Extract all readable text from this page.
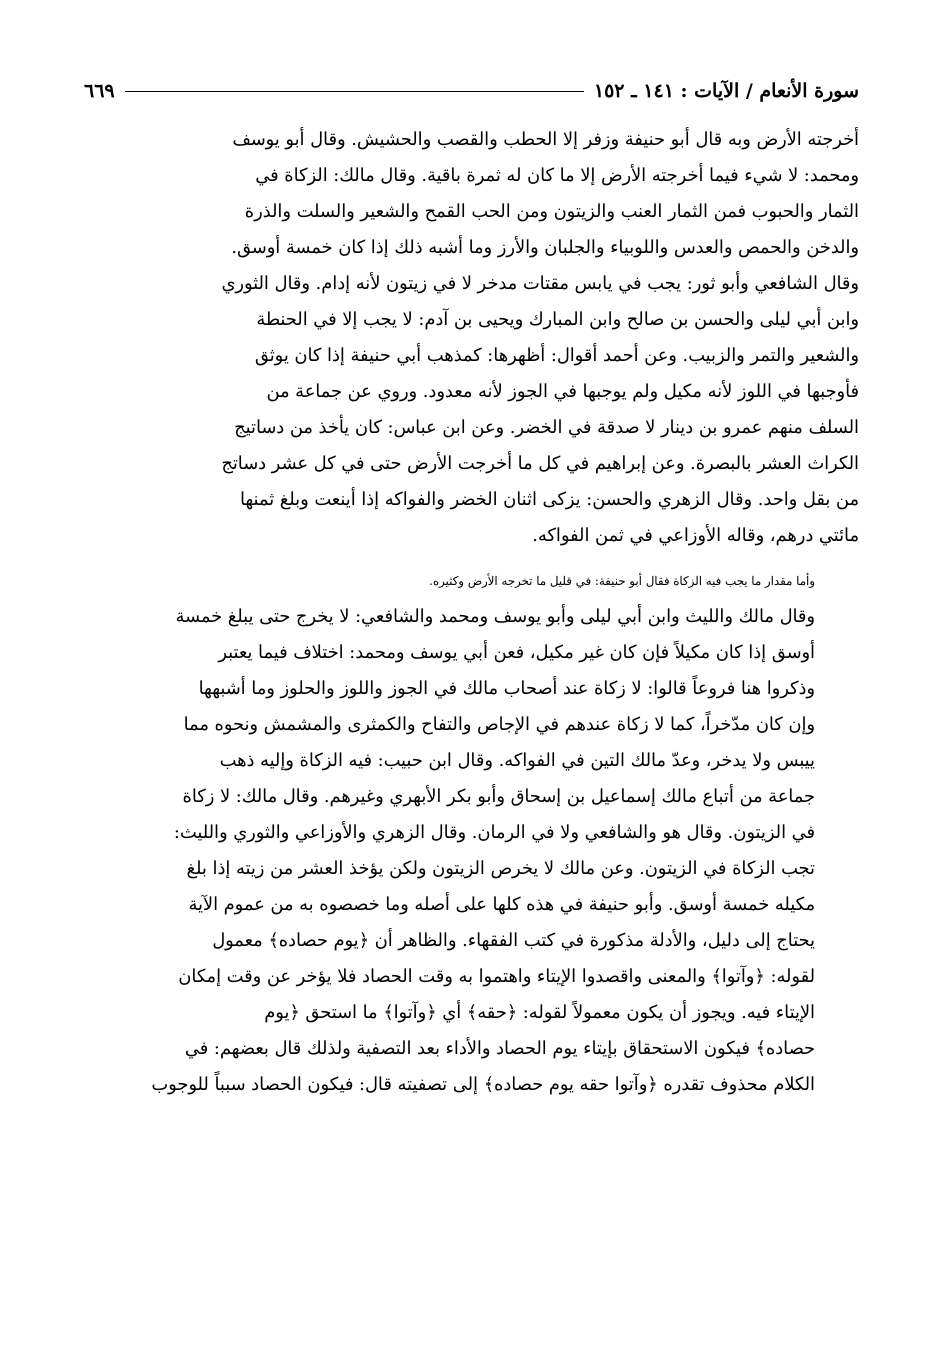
٦٦٩	سورة الأنعام / الآيات : ١٤١ ـ ١٥٢
أخرجته الأرض وبه قال أبو حنيفة وزفر إلا الحطب والقصب والحشيش. وقال أبو يوسف
ومحمد: لا شيء فيما أخرجته الأرض إلا ما كان له ثمرة باقية. وقال مالك: الزكاة في
الثمار والحبوب فمن الثمار العنب والزيتون ومن الحب القمح والشعير والسلت والذرة
والدخن والحمص والعدس واللوبياء والجلبان والأرز وما أشبه ذلك إذا كان خمسة أوسق.
وقال الشافعي وأبو ثور: يجب في يابس مقتات مدخر لا في زيتون لأنه إدام. وقال الثوري
وابن أبي ليلى والحسن بن صالح وابن المبارك ويحيى بن آدم: لا يجب إلا في الحنطة
والشعير والتمر والزبيب. وعن أحمد أقوال: أظهرها: كمذهب أبي حنيفة إذا كان يوثق
فأوجبها في اللوز لأنه مكيل ولم يوجبها في الجوز لأنه معدود. وروي عن جماعة من
السلف منهم عمرو بن دينار لا صدقة في الخضر. وعن ابن عباس: كان يأخذ من دساتيج
الكراث العشر بالبصرة. وعن إبراهيم في كل ما أخرجت الأرض حتى في كل عشر دساتج
من بقل واحد. وقال الزهري والحسن: يزكى اثنان الخضر والفواكه إذا أينعت وبلغ ثمنها
مائتي درهم، وقاله الأوزاعي في ثمن الفواكه.
وأما مقدار ما يجب فيه الزكاة فقال أبو حنيفة: في قليل ما تخرجه الأرض وكثيره.
وقال مالك والليث وابن أبي ليلى وأبو يوسف ومحمد والشافعي: لا يخرج حتى يبلغ خمسة
أوسق إذا كان مكيلاً فإن كان غير مكيل، فعن أبي يوسف ومحمد: اختلاف فيما يعتبر
وذكروا هنا فروعاً قالوا: لا زكاة عند أصحاب مالك في الجوز واللوز والحلوز وما أشبهها
وإن كان مدّخراً، كما لا زكاة عندهم في الإجاص والتفاح والكمثرى والمشمش ونحوه مما
ييبس ولا يدخر، وعدّ مالك التين في الفواكه. وقال ابن حبيب: فيه الزكاة وإليه ذهب
جماعة من أتباع مالك إسماعيل بن إسحاق وأبو بكر الأبهري وغيرهم. وقال مالك: لا زكاة
في الزيتون. وقال هو والشافعي ولا في الرمان. وقال الزهري والأوزاعي والثوري والليث:
تجب الزكاة في الزيتون. وعن مالك لا يخرص الزيتون ولكن يؤخذ العشر من زيته إذا بلغ
مكيله خمسة أوسق. وأبو حنيفة في هذه كلها على أصله وما خصصوه به من عموم الآية
يحتاج إلى دليل، والأدلة مذكورة في كتب الفقهاء. والظاهر أن ﴿يوم حصاده﴾ معمول
لقوله: ﴿وآتوا﴾ والمعنى واقصدوا الإيتاء واهتموا به وقت الحصاد فلا يؤخر عن وقت إمكان
الإيتاء فيه. ويجوز أن يكون معمولاً لقوله: ﴿حقه﴾ أي ﴿وآتوا﴾ ما استحق ﴿يوم
حصاده﴾ فيكون الاستحقاق بإيتاء يوم الحصاد والأداء بعد التصفية ولذلك قال بعضهم: في
الكلام محذوف تقدره ﴿وآتوا حقه يوم حصاده﴾ إلى تصفيته قال: فيكون الحصاد سبباً للوجوب
